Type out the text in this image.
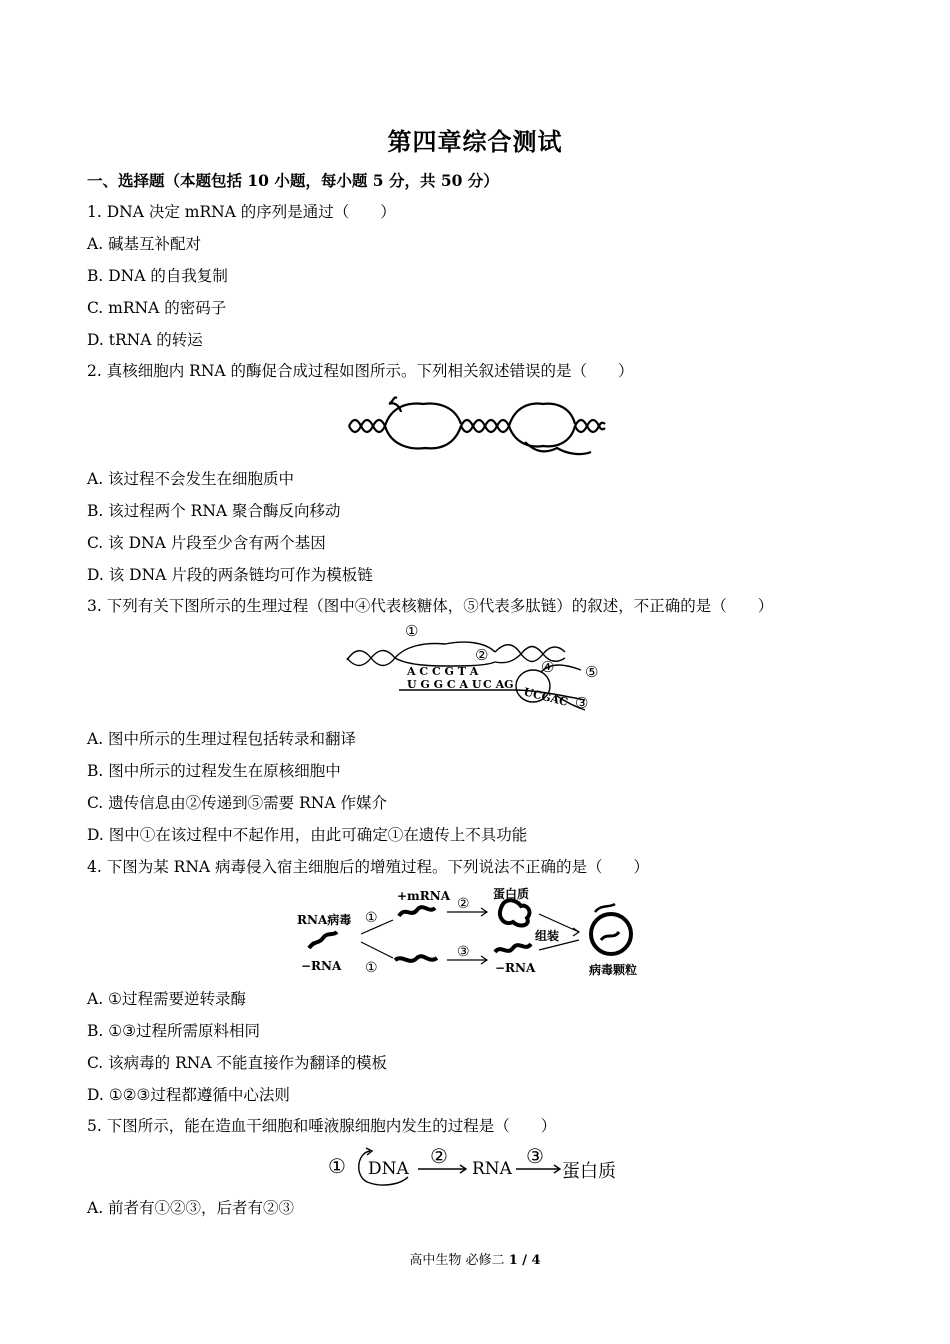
第四章综合测试
一、选择题（本题包括 10 小题，每小题 5 分，共 50 分）
1. DNA 决定 mRNA 的序列是通过（　　）
A. 碱基互补配对
B. DNA 的自我复制
C. mRNA 的密码子
D. tRNA 的转运
2. 真核细胞内 RNA 的酶促合成过程如图所示。下列相关叙述错误的是（　　）
A. 该过程不会发生在细胞质中
B. 该过程两个 RNA 聚合酶反向移动
C. 该 DNA 片段至少含有两个基因
D. 该 DNA 片段的两条链均可作为模板链
3. 下列有关下图所示的生理过程（图中④代表核糖体，⑤代表多肽链）的叙述，不正确的是（　　）
A C C G T A
U G G C A U C AG
UCGAC
①
②
③
④ ⑤
A. 图中所示的生理过程包括转录和翻译
B. 图中所示的过程发生在原核细胞中
C. 遗传信息由②传递到⑤需要 RNA 作媒介
D. 图中①在该过程中不起作用，由此可确定①在遗传上不具功能
4. 下图为某 RNA 病毒侵入宿主细胞后的增殖过程。下列说法不正确的是（　　）
RNA病毒
−RNA
+mRNA	蛋白质
组装
−RNA	病毒颗粒
①
①
②
③
A. ①过程需要逆转录酶
B. ①③过程所需原料相同
C. 该病毒的 RNA 不能直接作为翻译的模板
D. ①②③过程都遵循中心法则
5. 下图所示，能在造血干细胞和唾液腺细胞内发生的过程是（　　）
① DNA
②
RNA
③
蛋白质
A. 前者有①②③，后者有②③
高中生物 必修二 1 / 4
